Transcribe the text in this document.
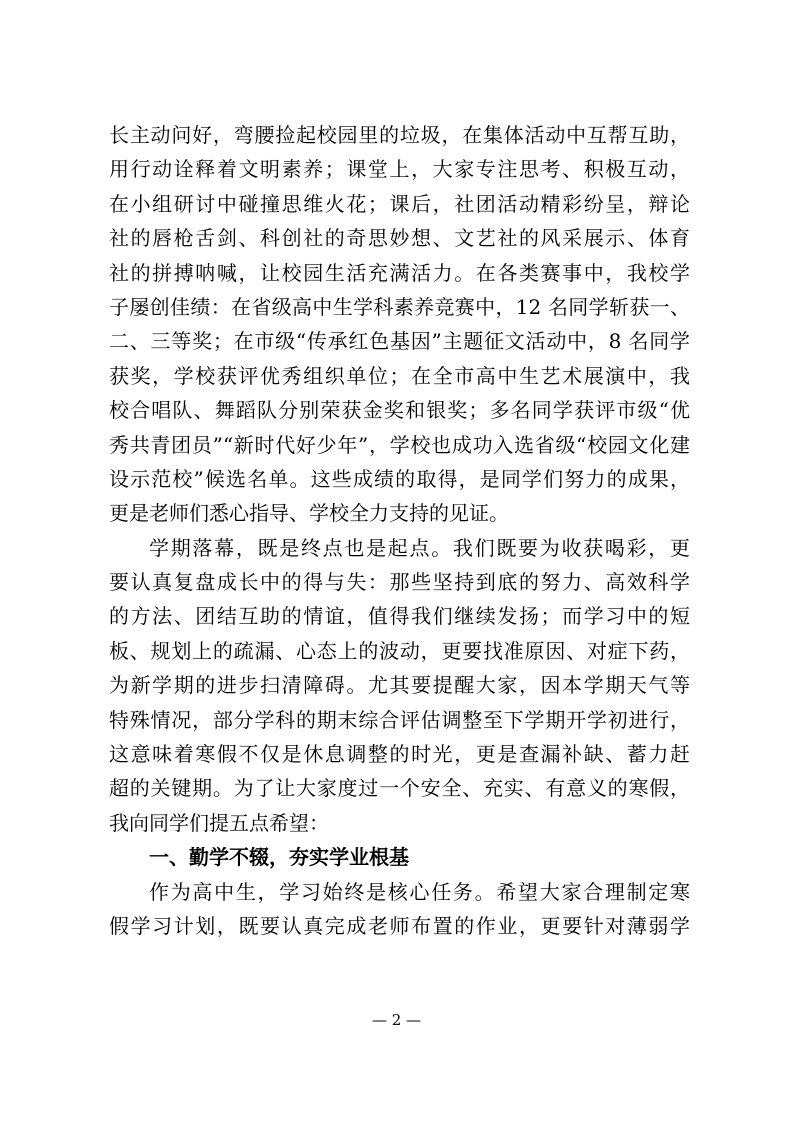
长主动问好，弯腰捡起校园里的垃圾，在集体活动中互帮互助，
用行动诠释着文明素养；课堂上，大家专注思考、积极互动，
在小组研讨中碰撞思维火花；课后，社团活动精彩纷呈，辩论
社的唇枪舌剑、科创社的奇思妙想、文艺社的风采展示、体育
社的拼搏呐喊，让校园生活充满活力。在各类赛事中，我校学
子屡创佳绩：在省级高中生学科素养竞赛中，12 名同学斩获一、
二、三等奖；在市级“传承红色基因”主题征文活动中，8 名同学
获奖，学校获评优秀组织单位；在全市高中生艺术展演中，我
校合唱队、舞蹈队分别荣获金奖和银奖；多名同学获评市级“优
秀共青团员”“新时代好少年”，学校也成功入选省级“校园文化建
设示范校”候选名单。这些成绩的取得，是同学们努力的成果，
更是老师们悉心指导、学校全力支持的见证。
学期落幕，既是终点也是起点。我们既要为收获喝彩，更
要认真复盘成长中的得与失：那些坚持到底的努力、高效科学
的方法、团结互助的情谊，值得我们继续发扬；而学习中的短
板、规划上的疏漏、心态上的波动，更要找准原因、对症下药，
为新学期的进步扫清障碍。尤其要提醒大家，因本学期天气等
特殊情况，部分学科的期末综合评估调整至下学期开学初进行，
这意味着寒假不仅是休息调整的时光，更是查漏补缺、蓄力赶
超的关键期。为了让大家度过一个安全、充实、有意义的寒假，
我向同学们提五点希望：
一、勤学不辍，夯实学业根基
作为高中生，学习始终是核心任务。希望大家合理制定寒
假学习计划，既要认真完成老师布置的作业，更要针对薄弱学
— 2 —
